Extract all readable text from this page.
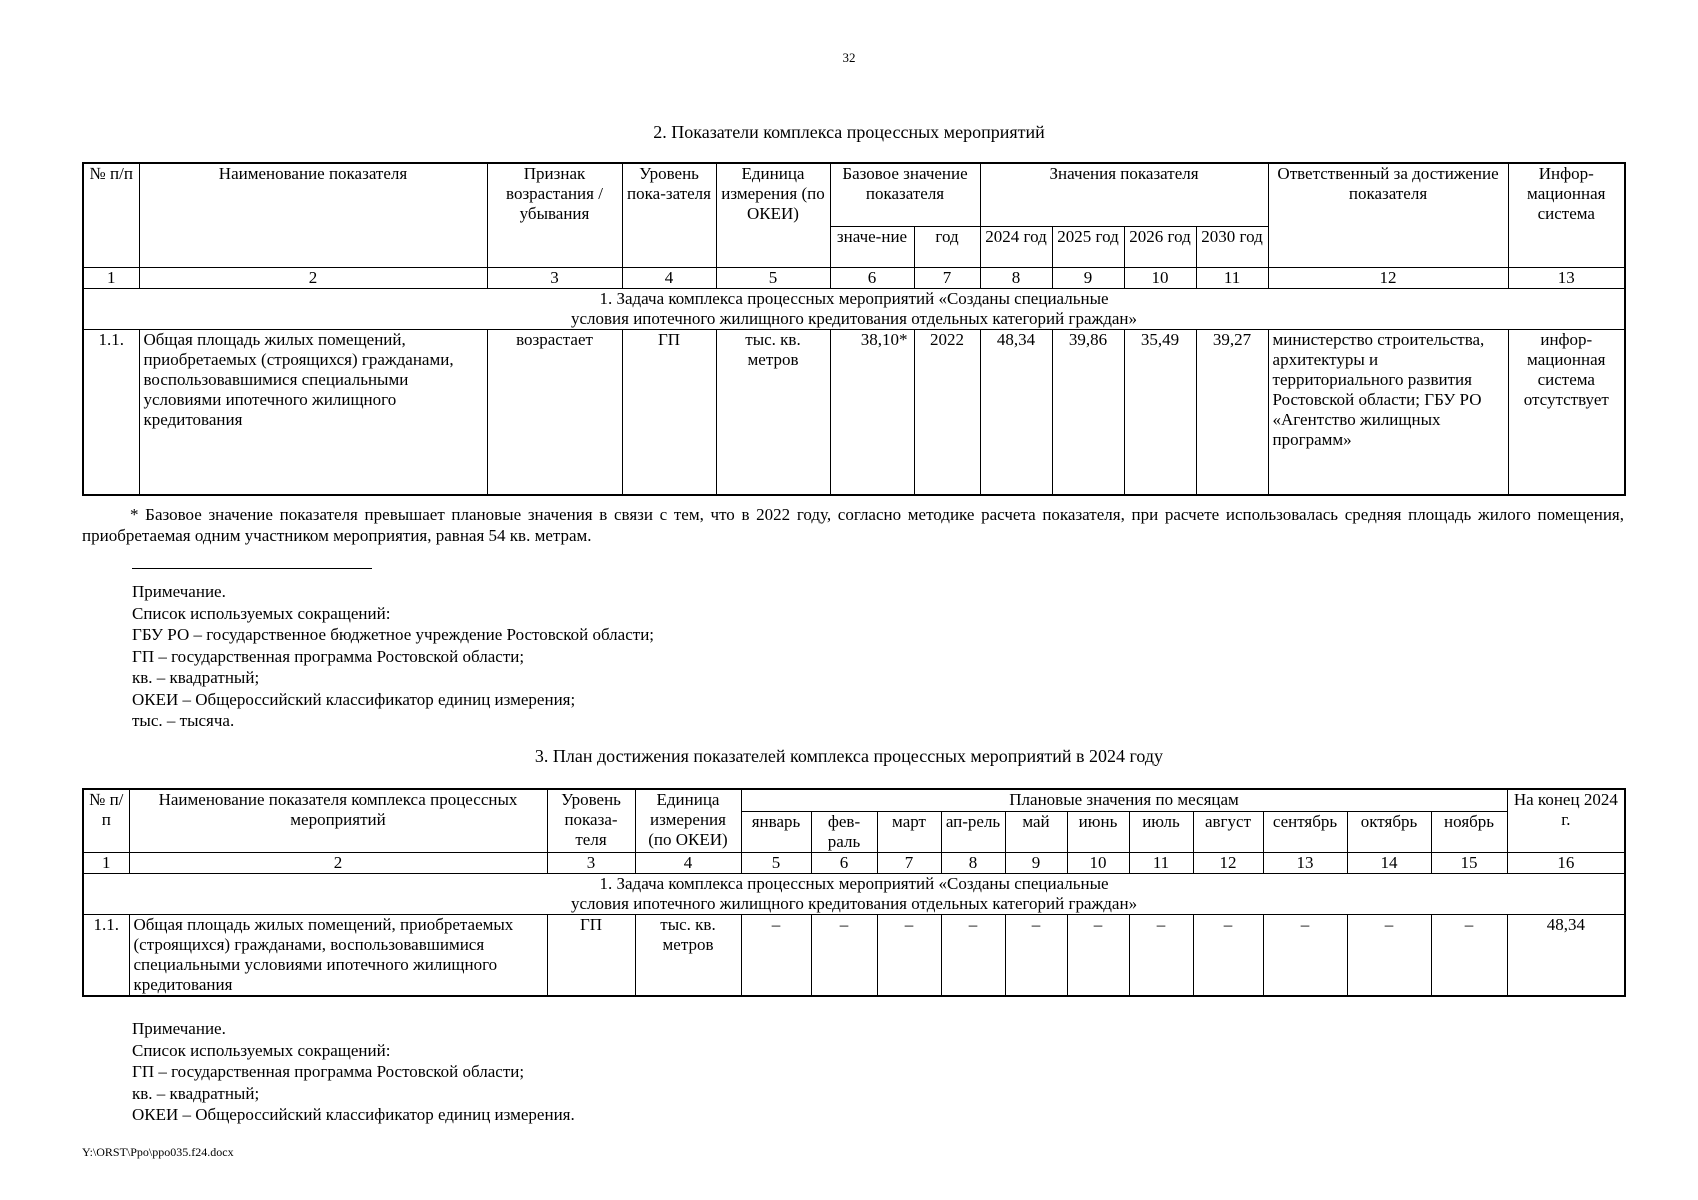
32
2. Показатели комплекса процессных мероприятий
№ п/п	Наименование показателя	Признак возрастания / убывания	Уровень пока-зателя	Единица измерения (по ОКЕИ)	Базовое значение показателя		Значения показателя				Ответственный за достижение показателя	Инфор-мационная система
					значе-ние	год	2024 год	2025 год	2026 год	2030 год		
1	2	3	4	5	6	7	8	9	10	11	12	13

1. Задача комплекса процессных мероприятий «Созданы специальные
условия ипотечного жилищного кредитования отдельных категорий граждан»												

1.1.	Общая площадь жилых помещений, приобретаемых (строящихся) гражданами, воспользовавшимися специальными условиями ипотечного жилищного кредитования	возрастает	ГП	тыс. кв. метров	38,10*	2022	48,34	39,86	35,49	39,27	министерство строительства, архитектуры и территориального развития Ростовской области; ГБУ РО «Агентство жилищных программ»	инфор-мационная система отсутствует
* Базовое значение показателя превышает плановые значения в связи с тем, что в 2022 году, согласно методике расчета показателя, при расчете использовалась средняя площадь жилого помещения, приобретаемая одним участником мероприятия, равная 54 кв. метрам.
Примечание.
Список используемых сокращений:
ГБУ РО – государственное бюджетное учреждение Ростовской области;
ГП – государственная программа Ростовской области;
кв. – квадратный;
ОКЕИ – Общероссийский классификатор единиц измерения;
тыс. – тысяча.
3. План достижения показателей комплекса процессных мероприятий в 2024 году
№ п/п	Наименование показателя комплекса процессных мероприятий	Уровень показа-теля	Единица измерения (по ОКЕИ)	Плановые значения по месяцам											На конец 2024 г.
				январь	фев-раль	март	ап-рель	май	июнь	июль	август	сентябрь	октябрь	ноябрь	
1	2	3	4	5	6	7	8	9	10	11	12	13	14	15	16

1. Задача комплекса процессных мероприятий «Созданы специальные
условия ипотечного жилищного кредитования отдельных категорий граждан»															

1.1.	Общая площадь жилых помещений, приобретаемых (строящихся) гражданами, воспользовавшимися специальными условиями ипотечного жилищного кредитования	ГП	тыс. кв. метров	–	–	–	–	–	–	–	–	–	–	–	48,34
Примечание.
Список используемых сокращений:
ГП – государственная программа Ростовской области;
кв. – квадратный;
ОКЕИ – Общероссийский классификатор единиц измерения.
Y:\ORST\Ppo\ppo035.f24.docx
